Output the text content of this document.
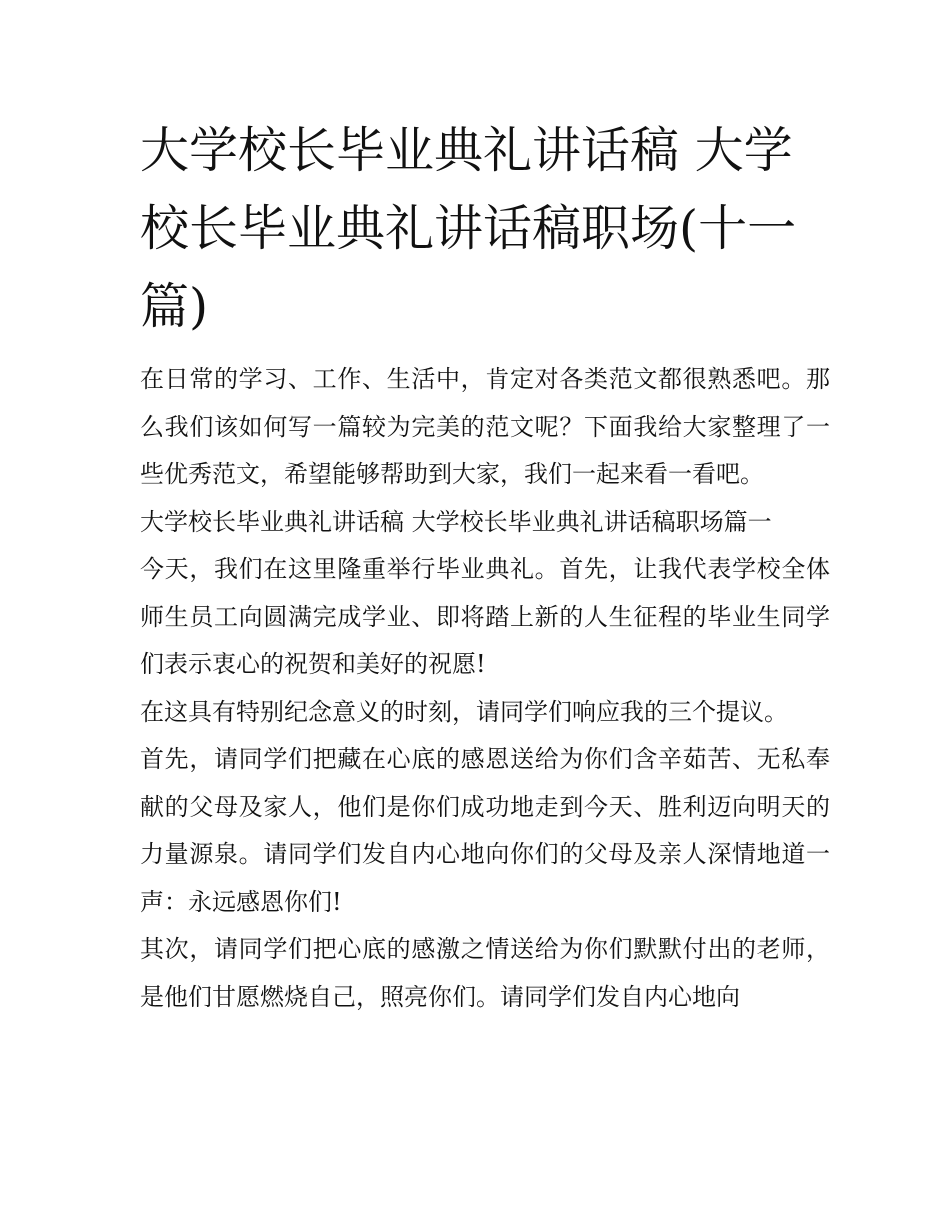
大学校长毕业典礼讲话稿 大学校长毕业典礼讲话稿职场(十一篇)

在日常的学习、工作、生活中，肯定对各类范文都很熟悉吧。那么我们该如何写一篇较为完美的范文呢？下面我给大家整理了一些优秀范文，希望能够帮助到大家，我们一起来看一看吧。

大学校长毕业典礼讲话稿 大学校长毕业典礼讲话稿职场篇一

今天，我们在这里隆重举行毕业典礼。首先，让我代表学校全体师生员工向圆满完成学业、即将踏上新的人生征程的毕业生同学们表示衷心的祝贺和美好的祝愿!

在这具有特别纪念意义的时刻，请同学们响应我的三个提议。

首先，请同学们把藏在心底的感恩送给为你们含辛茹苦、无私奉献的父母及家人，他们是你们成功地走到今天、胜利迈向明天的力量源泉。请同学们发自内心地向你们的父母及亲人深情地道一声：永远感恩你们!

其次，请同学们把心底的感激之情送给为你们默默付出的老师，是他们甘愿燃烧自己，照亮你们。请同学们发自内心地向
